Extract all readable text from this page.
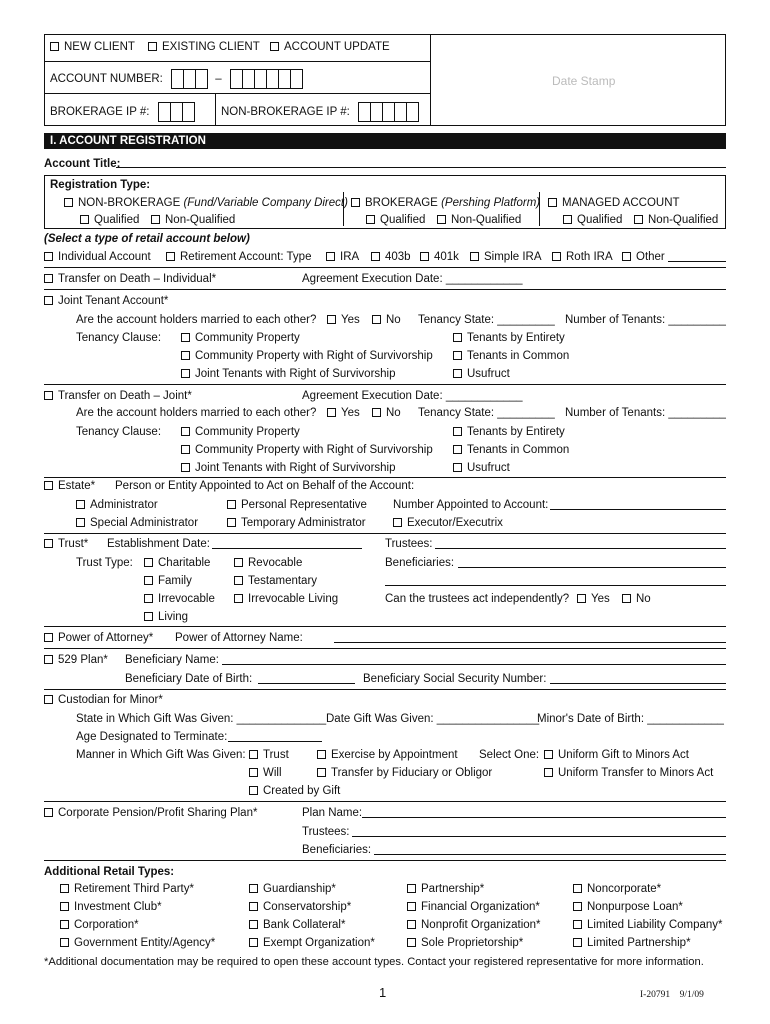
NEW CLIENT	EXISTING CLIENT	ACCOUNT UPDATE
ACCOUNT NUMBER:	–
BROKERAGE IP #:	NON-BROKERAGE IP #:
Date Stamp
I. ACCOUNT REGISTRATION
Account Title:
Registration Type:
NON-BROKERAGE (Fund/Variable Company Direct)	BROKERAGE (Pershing Platform)	MANAGED ACCOUNT
Qualified	Non-Qualified	Qualified	Non-Qualified	Qualified	Non-Qualified
(Select a type of retail account below)
Individual Account	Retirement Account: Type	IRA	403b	401k	Simple IRA	Roth IRA	Other
Transfer on Death – Individual*	Agreement Execution Date: ____________
Joint Tenant Account*
Are the account holders married to each other?	Yes	No Tenancy State: _________ Number of Tenants: _________
Tenancy Clause:	Community Property	Tenants by Entirety
Community Property with Right of Survivorship	Tenants in Common
Joint Tenants with Right of Survivorship	Usufruct
Transfer on Death – Joint*	Agreement Execution Date: ____________
Are the account holders married to each other?	Yes	No Tenancy State: _________ Number of Tenants: _________
Tenancy Clause:	Community Property	Tenants by Entirety
Community Property with Right of Survivorship	Tenants in Common
Joint Tenants with Right of Survivorship	Usufruct
Estate* Person or Entity Appointed to Act on Behalf of the Account:
Administrator	Personal Representative Number Appointed to Account:
Special Administrator	Temporary Administrator	Executor/Executrix
Trust* Establishment Date:	Trustees:
Trust Type:	Charitable	Revocable	Beneficiaries:
Family	Testamentary
Irrevocable	Irrevocable Living	Can the trustees act independently?	Yes	No
Living
Power of Attorney* Power of Attorney Name:
529 Plan* Beneficiary Name:
Beneficiary Date of Birth:	Beneficiary Social Security Number:
Custodian for Minor*
State in Which Gift Was Given: ______________ Date Gift Was Given: ________________
Minor's Date of Birth: ____________
Age Designated to Terminate:
Manner in Which Gift Was Given:	Trust	Exercise by Appointment Select One:	Uniform Gift to Minors Act
Will	Transfer by Fiduciary or Obligor	Uniform Transfer to Minors Act
Created by Gift
Corporate Pension/Profit Sharing Plan*	Plan Name:
Trustees:
Beneficiaries:
Additional Retail Types:
Retirement Third Party*	Guardianship*	Partnership*	Noncorporate*
Investment Club*	Conservatorship*	Financial Organization*	Nonpurpose Loan*
Corporation*	Bank Collateral*	Nonprofit Organization*	Limited Liability Company*
Government Entity/Agency*	Exempt Organization*	Sole Proprietorship*	Limited Partnership*
*Additional documentation may be required to open these account types. Contact your registered representative for more information.
1	I-20791    9/1/09
